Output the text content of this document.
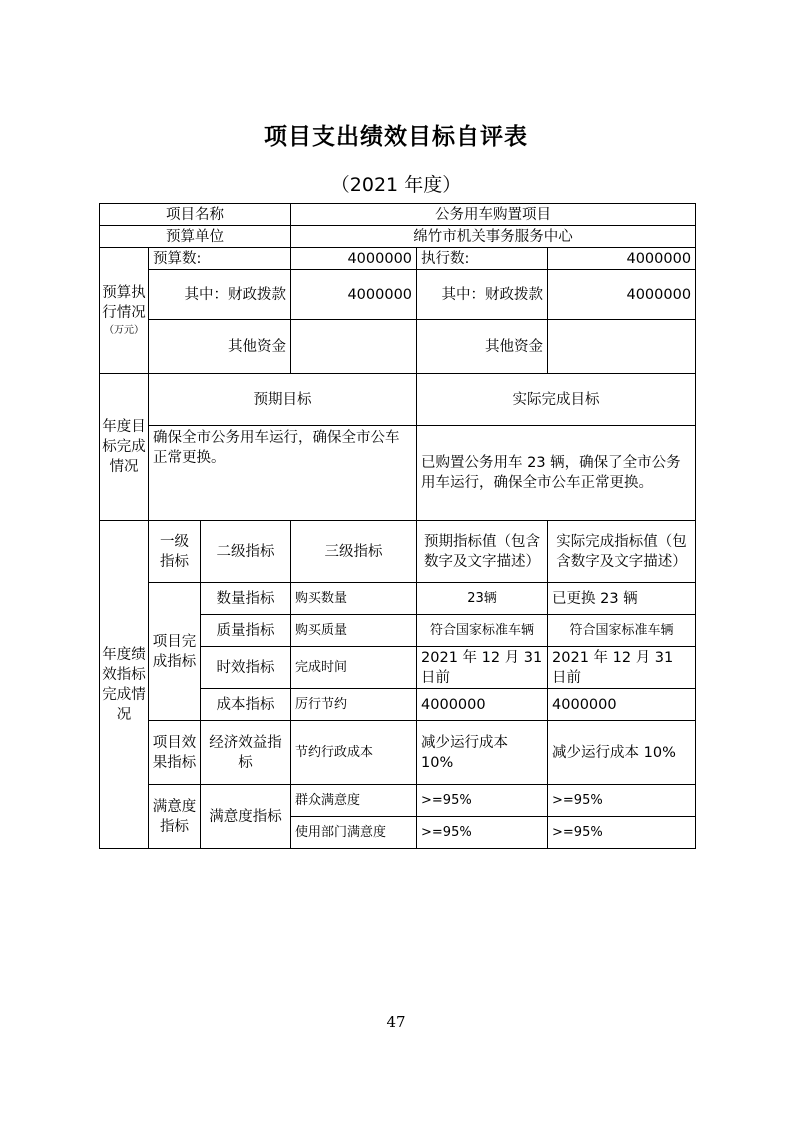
项目支出绩效目标自评表
（2021 年度）
项目名称			公务用车购置项目		
预算单位			绵竹市机关事务服务中心		

预算执行情况
（万元）	预算数:		4000000	执行数:	4000000
	其中：财政拨款		4000000	其中：财政拨款	4000000
	其他资金			其他资金	
年度目标完成情况	预期目标			实际完成目标	
	确保全市公务用车运行，确保全市公车正常更换。			已购置公务用车 23 辆，确保了全市公务用车运行，确保全市公车正常更换。	
年度绩效指标完成情况	一级指标	二级指标	三级指标	预期指标值（包含数字及文字描述）	实际完成指标值（包含数字及文字描述）
	项目完成指标	数量指标	购买数量	23辆	已更换 23 辆
		质量指标	购买质量	符合国家标准车辆	符合国家标准车辆
		时效指标	完成时间	2021 年 12 月 31 日前	2021 年 12 月 31 日前
		成本指标	厉行节约	4000000	4000000
	项目效果指标	经济效益指标	节约行政成本	减少运行成本 10%	减少运行成本 10%
	满意度指标	满意度指标	群众满意度	>=95%	>=95%
			使用部门满意度	>=95%	>=95%
47
